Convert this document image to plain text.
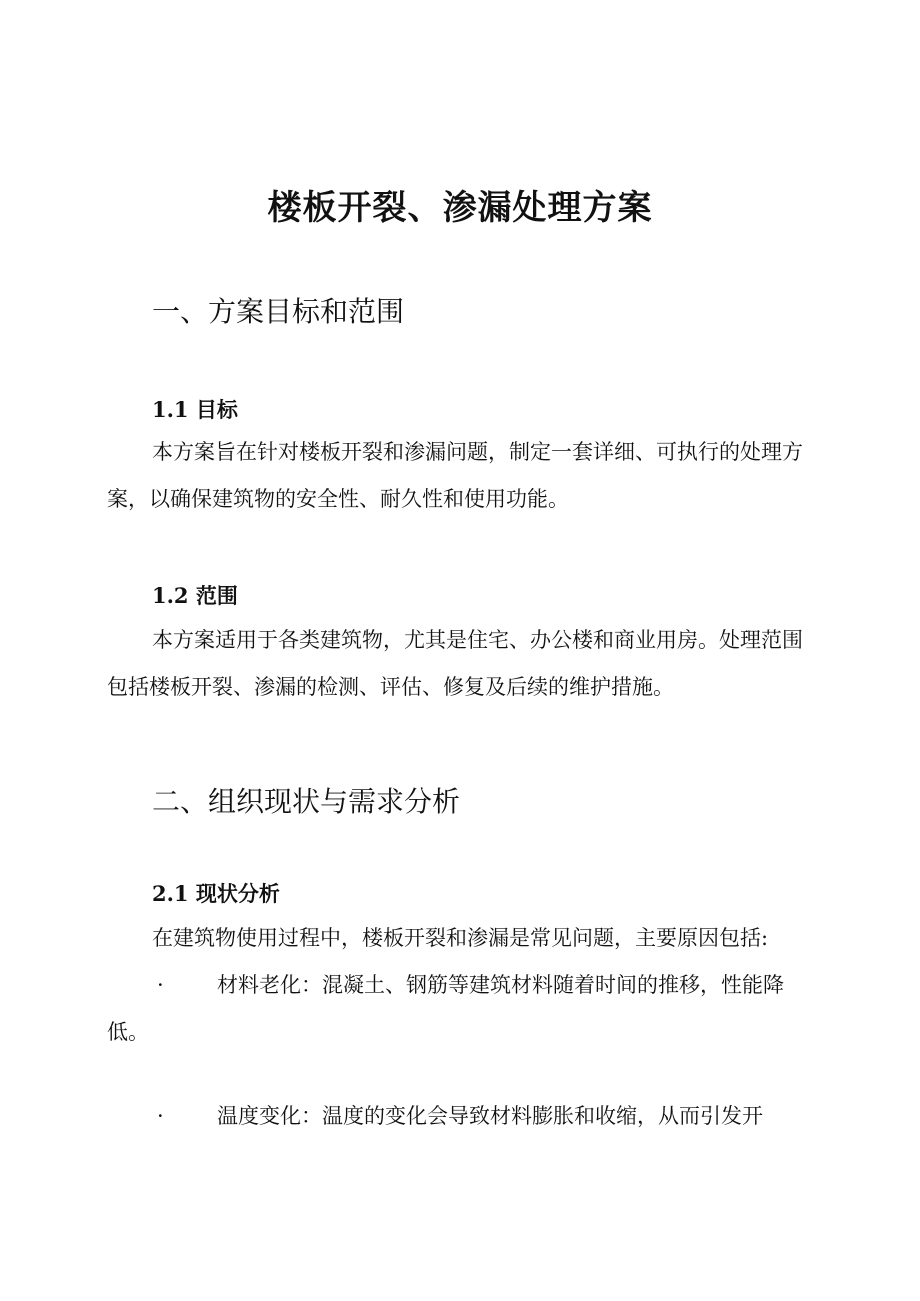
楼板开裂、渗漏处理方案
一、方案目标和范围
1.1 目标

本方案旨在针对楼板开裂和渗漏问题，制定一套详细、可执行的处理方案，以确保建筑物的安全性、耐久性和使用功能。

1.2 范围

本方案适用于各类建筑物，尤其是住宅、办公楼和商业用房。处理范围包括楼板开裂、渗漏的检测、评估、修复及后续的维护措施。

二、组织现状与需求分析
2.1 现状分析

在建筑物使用过程中，楼板开裂和渗漏是常见问题，主要原因包括:

·	材料老化：混凝土、钢筋等建筑材料随着时间的推移，性能降低。

·	温度变化：温度的变化会导致材料膨胀和收缩，从而引发开
